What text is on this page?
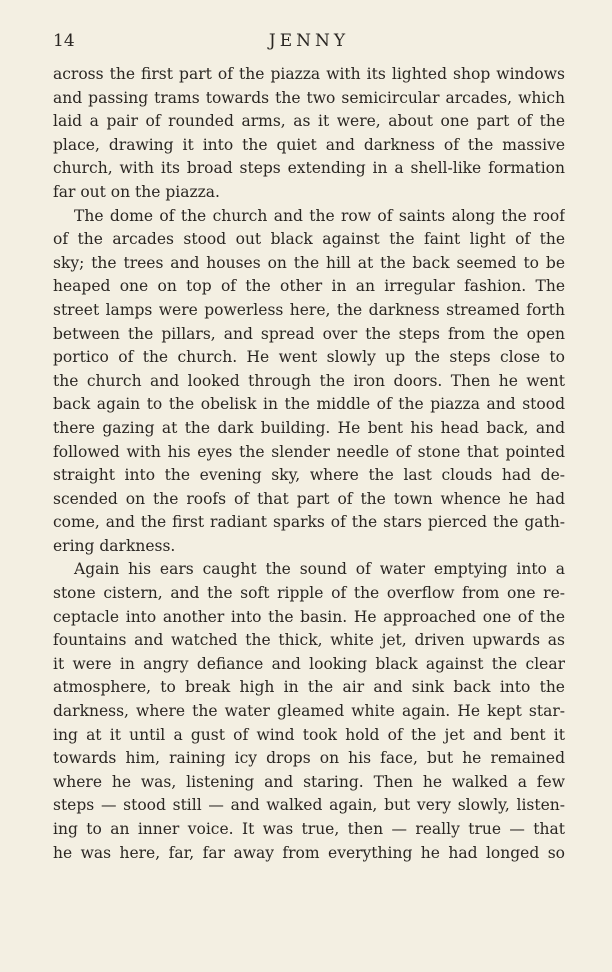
14	JENNY
across the first part of the piazza with its lighted shop windows
and passing trams towards the two semicircular arcades, which
laid a pair of rounded arms, as it were, about one part of the
place, drawing it into the quiet and darkness of the massive
church, with its broad steps extending in a shell-like formation
far out on the piazza.
The dome of the church and the row of saints along the roof
of the arcades stood out black against the faint light of the
sky; the trees and houses on the hill at the back seemed to be
heaped one on top of the other in an irregular fashion. The
street lamps were powerless here, the darkness streamed forth
between the pillars, and spread over the steps from the open
portico of the church. He went slowly up the steps close to
the church and looked through the iron doors. Then he went
back again to the obelisk in the middle of the piazza and stood
there gazing at the dark building. He bent his head back, and
followed with his eyes the slender needle of stone that pointed
straight into the evening sky, where the last clouds had de-
scended on the roofs of that part of the town whence he had
come, and the first radiant sparks of the stars pierced the gath-
ering darkness.
Again his ears caught the sound of water emptying into a
stone cistern, and the soft ripple of the overflow from one re-
ceptacle into another into the basin. He approached one of the
fountains and watched the thick, white jet, driven upwards as
it were in angry defiance and looking black against the clear
atmosphere, to break high in the air and sink back into the
darkness, where the water gleamed white again. He kept star-
ing at it until a gust of wind took hold of the jet and bent it
towards him, raining icy drops on his face, but he remained
where he was, listening and staring. Then he walked a few
steps — stood still — and walked again, but very slowly, listen-
ing to an inner voice. It was true, then — really true — that
he was here, far, far away from everything he had longed so
